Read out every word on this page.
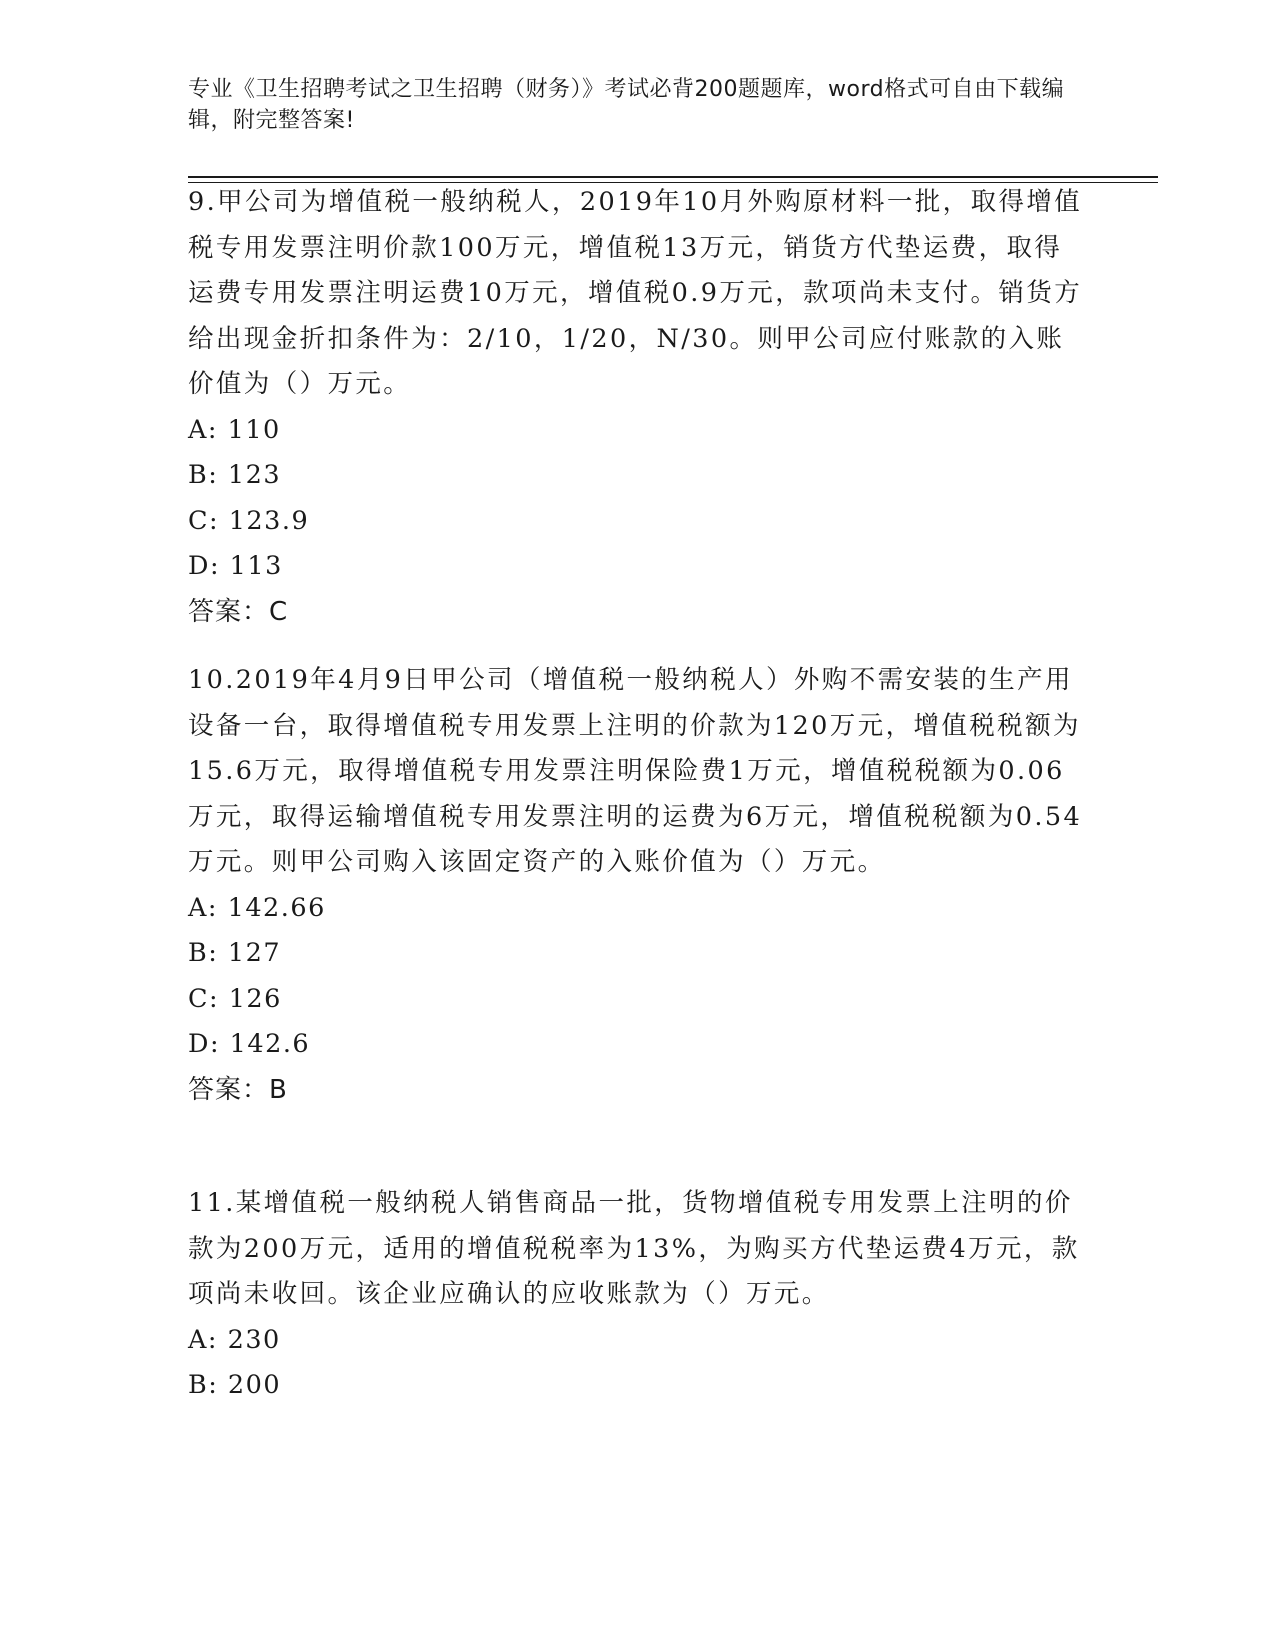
专业《卫生招聘考试之卫生招聘（财务）》考试必背200题题库，word格式可自由下载编辑，附完整答案!

9.甲公司为增值税一般纳税人，2019年10月外购原材料一批，取得增值税专用发票注明价款100万元，增值税13万元，销货方代垫运费，取得运费专用发票注明运费10万元，增值税0.9万元，款项尚未支付。销货方给出现金折扣条件为：2/10，1/20，N/30。则甲公司应付账款的入账价值为（）万元。

A: 110

B: 123

C: 123.9

D: 113

答案：C

10.2019年4月9日甲公司（增值税一般纳税人）外购不需安装的生产用设备一台，取得增值税专用发票上注明的价款为120万元，增值税税额为15.6万元，取得增值税专用发票注明保险费1万元，增值税税额为0.06万元，取得运输增值税专用发票注明的运费为6万元，增值税税额为0.54万元。则甲公司购入该固定资产的入账价值为（）万元。

A: 142.66

B: 127

C: 126

D: 142.6

答案：B

11.某增值税一般纳税人销售商品一批，货物增值税专用发票上注明的价款为200万元，适用的增值税税率为13%，为购买方代垫运费4万元，款项尚未收回。该企业应确认的应收账款为（）万元。

A: 230

B: 200
